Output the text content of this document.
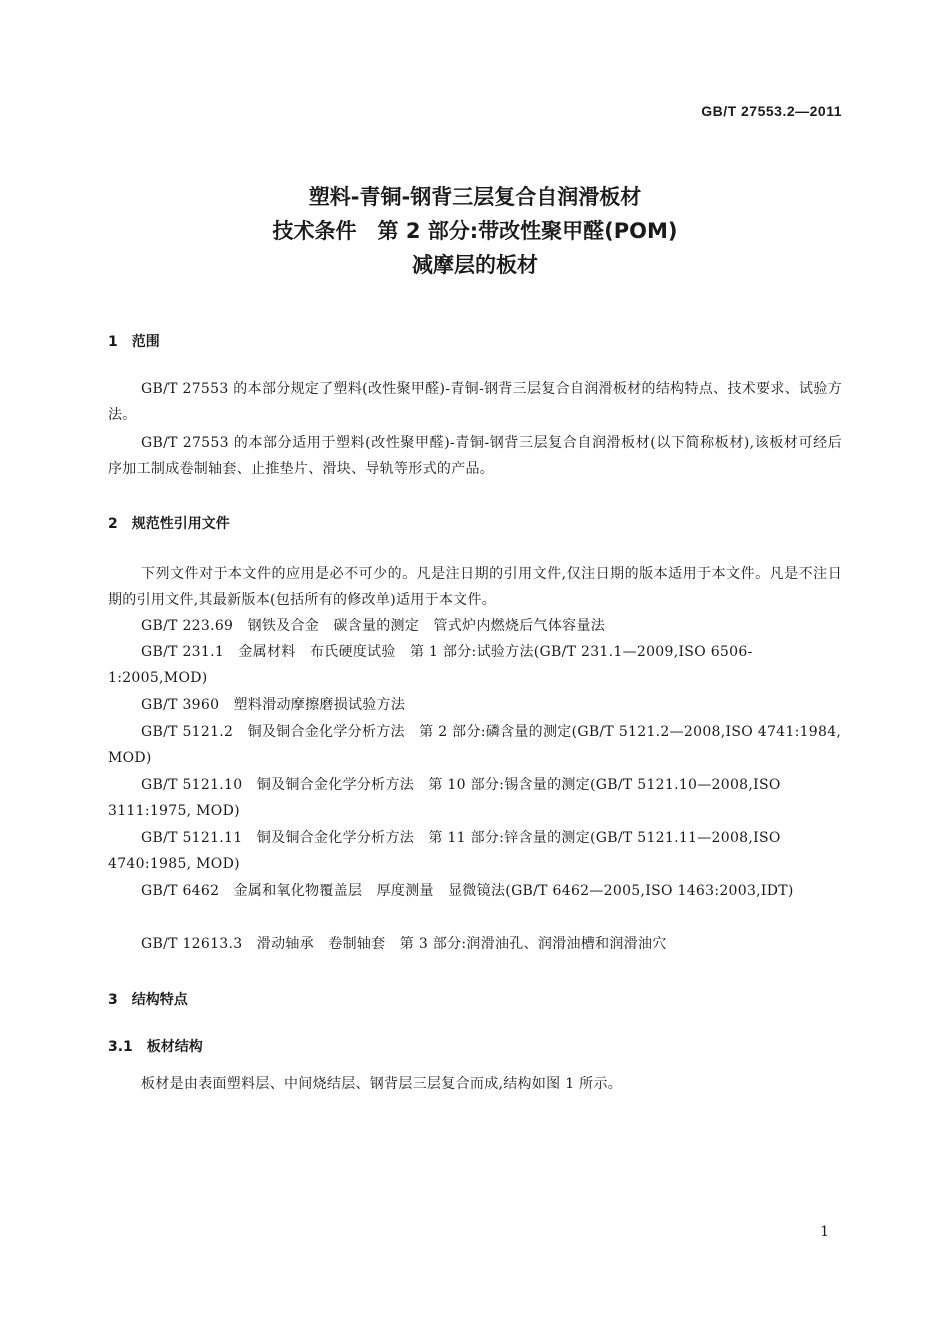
GB/T 27553.2—2011
塑料-青铜-钢背三层复合自润滑板材
技术条件　第 2 部分:带改性聚甲醛(POM)
减摩层的板材
1　范围
GB/T 27553 的本部分规定了塑料(改性聚甲醛)-青铜-钢背三层复合自润滑板材的结构特点、技术要求、试验方法。
GB/T 27553 的本部分适用于塑料(改性聚甲醛)-青铜-钢背三层复合自润滑板材(以下简称板材),该板材可经后序加工制成卷制轴套、止推垫片、滑块、导轨等形式的产品。
2　规范性引用文件
下列文件对于本文件的应用是必不可少的。凡是注日期的引用文件,仅注日期的版本适用于本文件。凡是不注日期的引用文件,其最新版本(包括所有的修改单)适用于本文件。
GB/T 223.69　钢铁及合金　碳含量的测定　管式炉内燃烧后气体容量法
GB/T 231.1　金属材料　布氏硬度试验　第 1 部分:试验方法(GB/T 231.1—2009,ISO 6506-1:2005,MOD)
GB/T 3960　塑料滑动摩擦磨损试验方法
GB/T 5121.2　铜及铜合金化学分析方法　第 2 部分:磷含量的测定(GB/T 5121.2—2008,ISO 4741:1984, MOD)
GB/T 5121.10　铜及铜合金化学分析方法　第 10 部分:锡含量的测定(GB/T 5121.10—2008,ISO 3111:1975, MOD)
GB/T 5121.11　铜及铜合金化学分析方法　第 11 部分:锌含量的测定(GB/T 5121.11—2008,ISO 4740:1985, MOD)
GB/T 6462　金属和氧化物覆盖层　厚度测量　显微镜法(GB/T 6462—2005,ISO 1463:2003,IDT)
GB/T 12613.3　滑动轴承　卷制轴套　第 3 部分:润滑油孔、润滑油槽和润滑油穴
3　结构特点
3.1　板材结构
板材是由表面塑料层、中间烧结层、钢背层三层复合而成,结构如图 1 所示。
1
